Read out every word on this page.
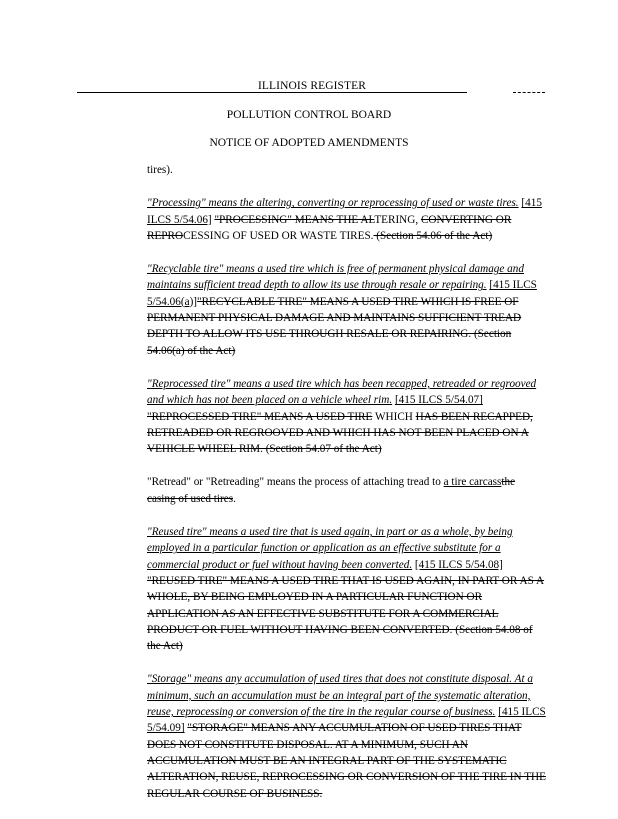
ILLINOIS REGISTER
POLLUTION CONTROL BOARD
NOTICE OF ADOPTED AMENDMENTS

tires).

"Processing" means the altering, converting or reprocessing of used or waste tires. [415 ILCS 5/54.06] "PROCESSING" MEANS THE ALTERING, CONVERTING OR REPROCESSING OF USED OR WASTE TIRES. (Section 54.06 of the Act)

"Recyclable tire" means a used tire which is free of permanent physical damage and maintains sufficient tread depth to allow its use through resale or repairing. [415 ILCS 5/54.06(a)]"RECYCLABLE TIRE" MEANS A USED TIRE WHICH IS FREE OF PERMANENT PHYSICAL DAMAGE AND MAINTAINS SUFFICIENT TREAD DEPTH TO ALLOW ITS USE THROUGH RESALE OR REPAIRING. (Section 54.06(a) of the Act)

"Reprocessed tire" means a used tire which has been recapped, retreaded or regrooved and which has not been placed on a vehicle wheel rim. [415 ILCS 5/54.07] "REPROCESSED TIRE" MEANS A USED TIRE WHICH HAS BEEN RECAPPED, RETREADED OR REGROOVED AND WHICH HAS NOT BEEN PLACED ON A VEHICLE WHEEL RIM. (Section 54.07 of the Act)

"Retread" or "Retreading" means the process of attaching tread to a tire carcassthe casing of used tires.

"Reused tire" means a used tire that is used again, in part or as a whole, by being employed in a particular function or application as an effective substitute for a commercial product or fuel without having been converted. [415 ILCS 5/54.08] "REUSED TIRE" MEANS A USED TIRE THAT IS USED AGAIN, IN PART OR AS A WHOLE, BY BEING EMPLOYED IN A PARTICULAR FUNCTION OR APPLICATION AS AN EFFECTIVE SUBSTITUTE FOR A COMMERCIAL PRODUCT OR FUEL WITHOUT HAVING BEEN CONVERTED. (Section 54.08 of the Act)

"Storage" means any accumulation of used tires that does not constitute disposal. At a minimum, such an accumulation must be an integral part of the systematic alteration, reuse, reprocessing or conversion of the tire in the regular course of business. [415 ILCS 5/54.09] "STORAGE" MEANS ANY ACCUMULATION OF USED TIRES THAT DOES NOT CONSTITUTE DISPOSAL. AT A MINIMUM, SUCH AN ACCUMULATION MUST BE AN INTEGRAL PART OF THE SYSTEMATIC ALTERATION, REUSE, REPROCESSING OR CONVERSION OF THE TIRE IN THE REGULAR COURSE OF BUSINESS.
